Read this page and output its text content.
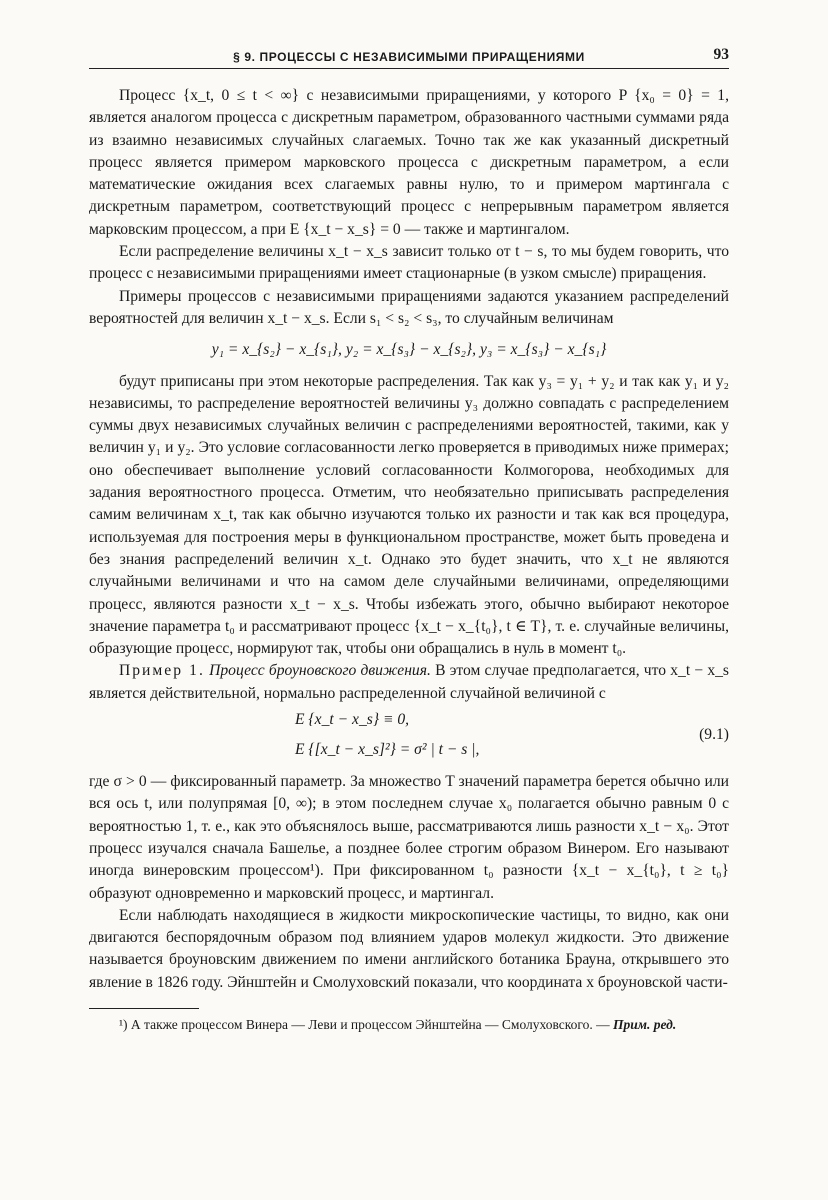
§ 9. ПРОЦЕССЫ С НЕЗАВИСИМЫМИ ПРИРАЩЕНИЯМИ	93

Процесс {x_t, 0 ≤ t < ∞} с независимыми приращениями, у которого P {x₀ = 0} = 1, является аналогом процесса с дискретным параметром, образованного частными суммами ряда из взаимно независимых случайных слагаемых. Точно так же как указанный дискретный процесс является примером марковского процесса с дискретным параметром, а если математические ожидания всех слагаемых равны нулю, то и примером мартингала с дискретным параметром, соответствующий процесс с непрерывным параметром является марковским процессом, а при E {x_t − x_s} = 0 — также и мартингалом.

Если распределение величины x_t − x_s зависит только от t − s, то мы будем говорить, что процесс с независимыми приращениями имеет стационарные (в узком смысле) приращения.

Примеры процессов с независимыми приращениями задаются указанием распределений вероятностей для величин x_t − x_s. Если s₁ < s₂ < s₃, то случайным величинам

y₁ = x_{s₂} − x_{s₁}, y₂ = x_{s₃} − x_{s₂}, y₃ = x_{s₃} − x_{s₁}

будут приписаны при этом некоторые распределения. Так как y₃ = y₁ + y₂ и так как y₁ и y₂ независимы, то распределение вероятностей величины y₃ должно совпадать с распределением суммы двух независимых случайных величин с распределениями вероятностей, такими, как у величин y₁ и y₂. Это условие согласованности легко проверяется в приводимых ниже примерах; оно обеспечивает выполнение условий согласованности Колмогорова, необходимых для задания вероятностного процесса. Отметим, что необязательно приписывать распределения самим величинам x_t, так как обычно изучаются только их разности и так как вся процедура, используемая для построения меры в функциональном пространстве, может быть проведена и без знания распределений величин x_t. Однако это будет значить, что x_t не являются случайными величинами и что на самом деле случайными величинами, определяющими процесс, являются разности x_t − x_s. Чтобы избежать этого, обычно выбирают некоторое значение параметра t₀ и рассматривают процесс {x_t − x_{t₀}, t ∈ T}, т. е. случайные величины, образующие процесс, нормируют так, чтобы они обращались в нуль в момент t₀.

Пример 1. Процесс броуновского движения. В этом случае предполагается, что x_t − x_s является действительной, нормально распределенной случайной величиной с

E {x_t − x_s} ≡ 0,
E {[x_t − x_s]²} = σ² | t − s |,
(9.1)

где σ > 0 — фиксированный параметр. За множество T значений параметра берется обычно или вся ось t, или полупрямая [0, ∞); в этом последнем случае x₀ полагается обычно равным 0 с вероятностью 1, т. е., как это объяснялось выше, рассматриваются лишь разности x_t − x₀. Этот процесс изучался сначала Башелье, а позднее более строгим образом Винером. Его называют иногда винеровским процессом¹). При фиксированном t₀ разности {x_t − x_{t₀}, t ≥ t₀} образуют одновременно и марковский процесс, и мартингал.

Если наблюдать находящиеся в жидкости микроскопические частицы, то видно, как они двигаются беспорядочным образом под влиянием ударов молекул жидкости. Это движение называется броуновским движением по имени английского ботаника Брауна, открывшего это явление в 1826 году. Эйнштейн и Смолуховский показали, что координата x броуновской части-

¹) А также процессом Винера — Леви и процессом Эйнштейна — Смолуховского. — Прим. ред.
